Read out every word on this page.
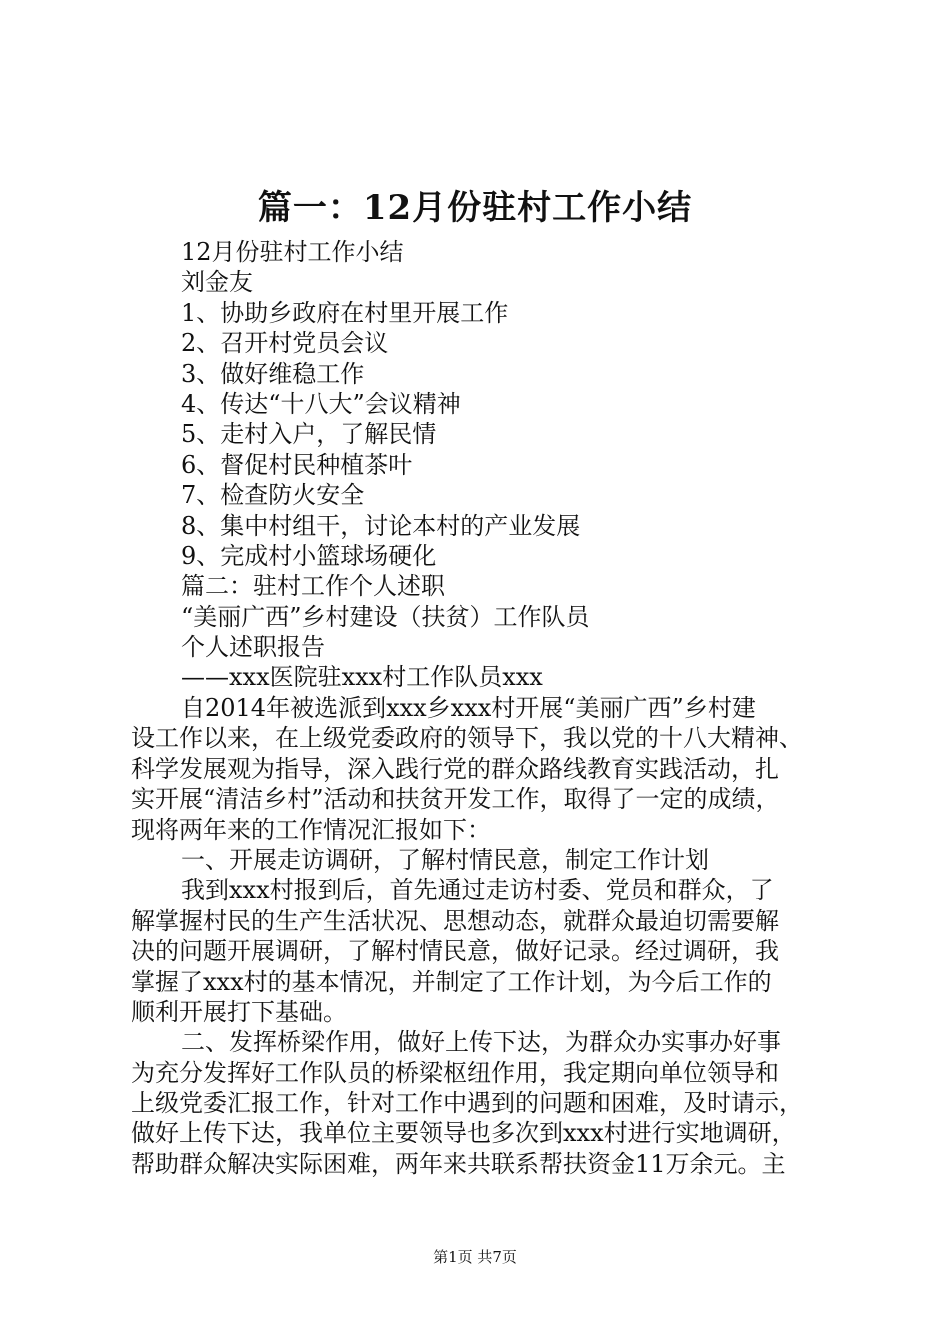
篇一：12月份驻村工作小结

12月份驻村工作小结

刘金友

1、协助乡政府在村里开展工作

2、召开村党员会议

3、做好维稳工作

4、传达“十八大”会议精神

5、走村入户，了解民情

6、督促村民种植茶叶

7、检查防火安全

8、集中村组干，讨论本村的产业发展

9、完成村小篮球场硬化

篇二：驻村工作个人述职

“美丽广西”乡村建设（扶贫）工作队员

个人述职报告

——xxx医院驻xxx村工作队员xxx

自2014年被选派到xxx乡xxx村开展“美丽广西”乡村建
设工作以来，在上级党委政府的领导下，我以党的十八大精神、
科学发展观为指导，深入践行党的群众路线教育实践活动，扎
实开展“清洁乡村”活动和扶贫开发工作，取得了一定的成绩，
现将两年来的工作情况汇报如下：
一、开展走访调研，了解村情民意，制定工作计划
我到xxx村报到后，首先通过走访村委、党员和群众，了
解掌握村民的生产生活状况、思想动态，就群众最迫切需要解
决的问题开展调研，了解村情民意，做好记录。经过调研，我
掌握了xxx村的基本情况，并制定了工作计划，为今后工作的
顺利开展打下基础。
二、发挥桥梁作用，做好上传下达，为群众办实事办好事
为充分发挥好工作队员的桥梁枢纽作用，我定期向单位领导和
上级党委汇报工作，针对工作中遇到的问题和困难，及时请示，
做好上传下达，我单位主要领导也多次到xxx村进行实地调研，
帮助群众解决实际困难，两年来共联系帮扶资金11万余元。主
第1页 共7页
